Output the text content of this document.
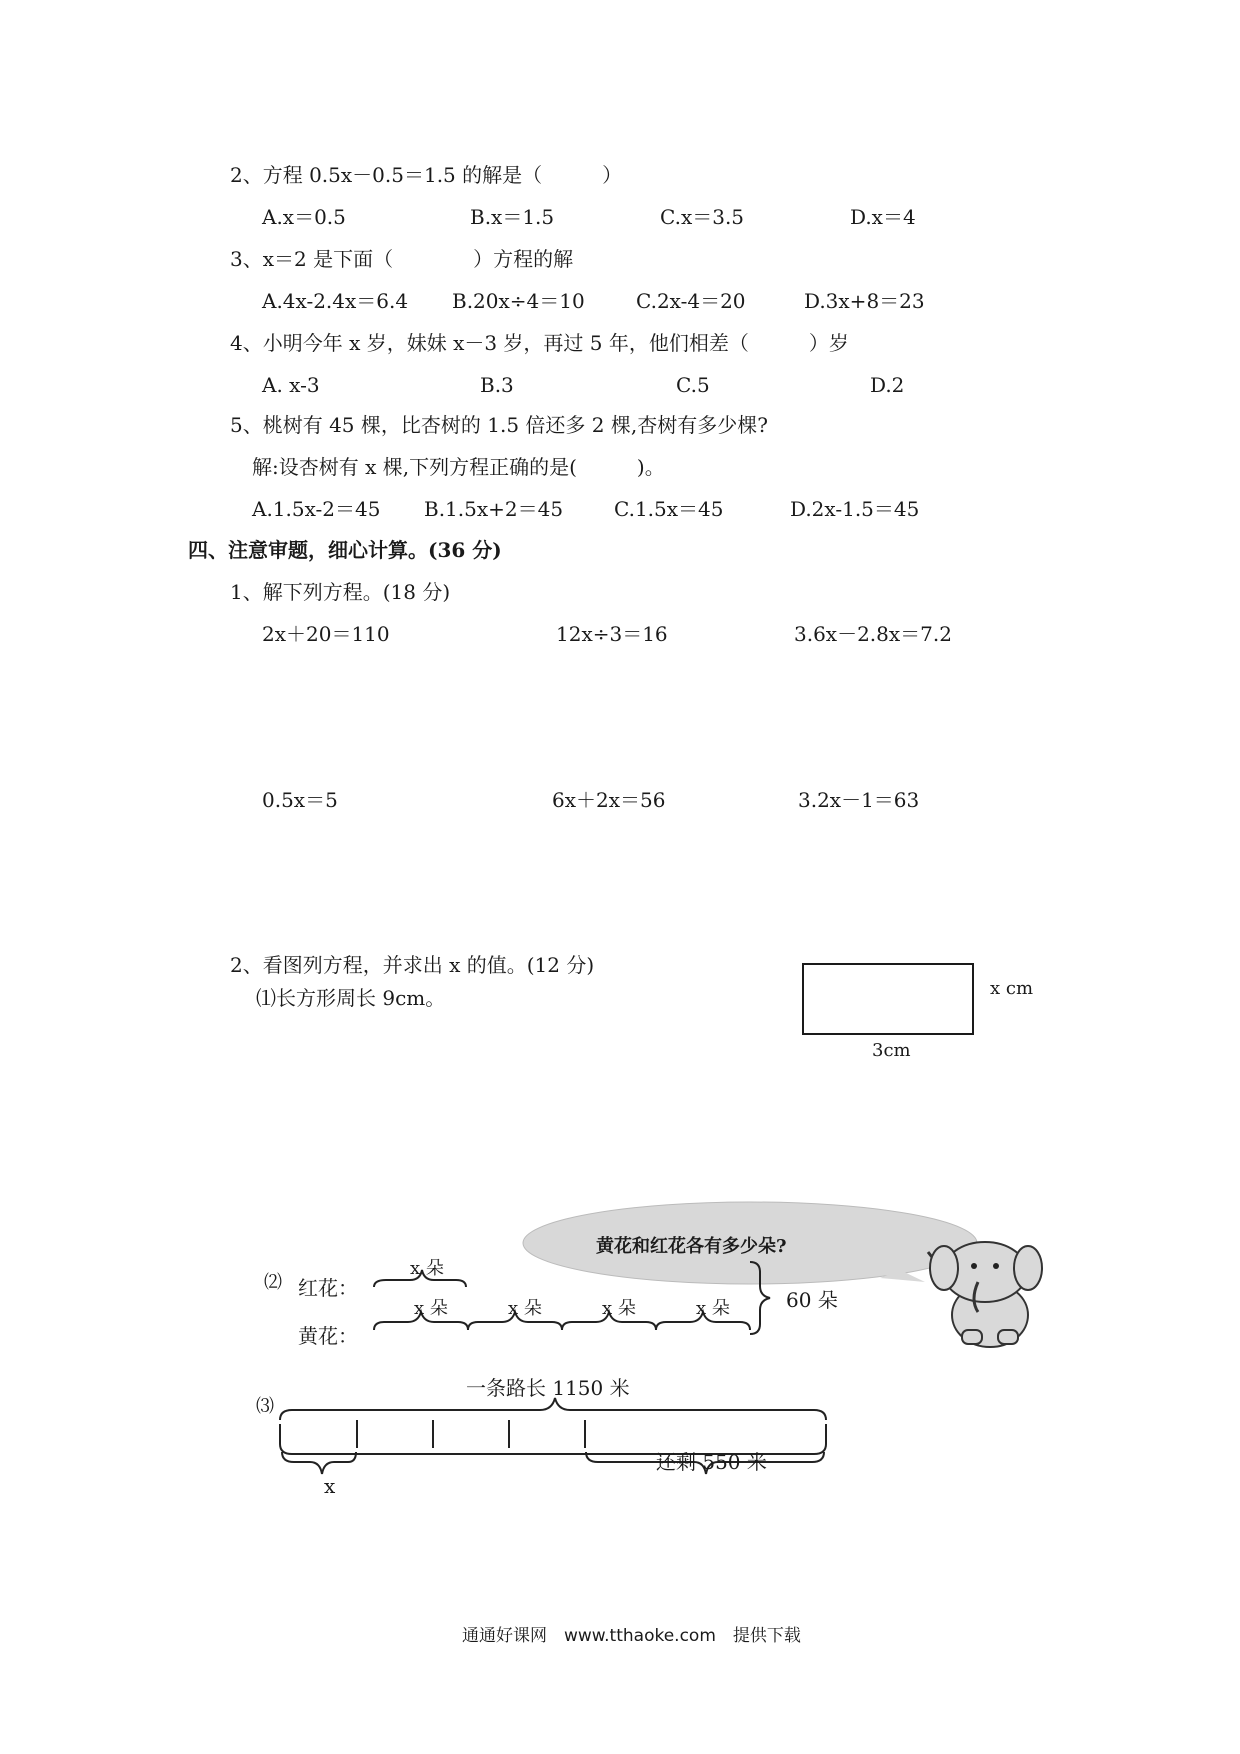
2、方程 0.5x－0.5＝1.5 的解是（　　　）
A.x＝0.5	B.x＝1.5	C.x＝3.5	D.x＝4
3、x＝2 是下面（　　　　）方程的解
A.4x-2.4x＝6.4 B.20x÷4＝10	C.2x-4＝20	D.3x+8＝23
4、小明今年 x 岁，妹妹 x－3 岁，再过 5 年，他们相差（　　　）岁
A. x-3	B.3	C.5	D.2
5、桃树有 45 棵，比杏树的 1.5 倍还多 2 棵,杏树有多少棵?
解:设杏树有 x 棵,下列方程正确的是(　　　)。
A.1.5x-2＝45 B.1.5x+2＝45	C.1.5x＝45	D.2x-1.5＝45
四、注意审题，细心计算。(36 分)
1、解下列方程。(18 分)
2x＋20＝110	12x÷3＝16	3.6x－2.8x＝7.2
0.5x＝5	6x＋2x＝56	3.2x－1＝63
2、看图列方程，并求出 x 的值。(12 分)
⑴长方形周长 9cm。	x cm
3cm
黄花和红花各有多少朵?
⑵ 红花：
x 朵
黄花：
x 朵	x 朵	x 朵	x 朵	60 朵
⑶
一条路长 1150 米
还剩 550 米
x
通通好课网　www.tthaoke.com　提供下载
